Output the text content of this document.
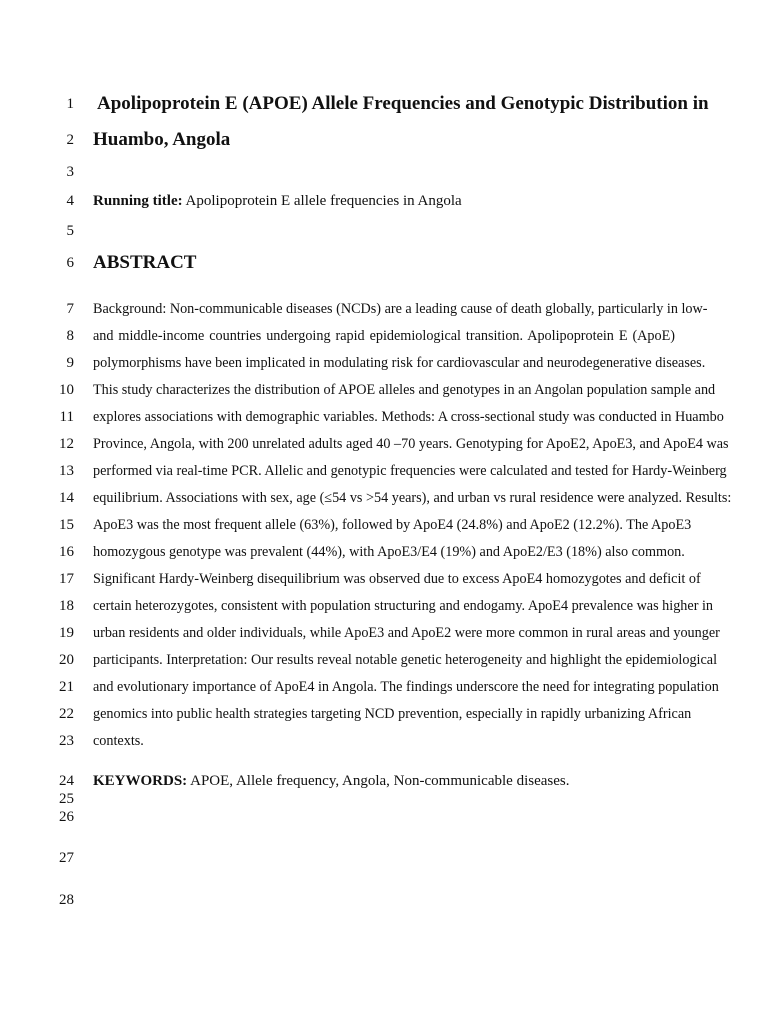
1
2
3
4
5
6
7
8
9
10
11
12
13
14
15
16
17
18
19
20
21
22
23
24
25
26
27
28
Apolipoprotein E (APOE) Allele Frequencies and Genotypic Distribution in
Huambo, Angola
Running title: Apolipoprotein E allele frequencies in Angola
ABSTRACT
Background: Non-communicable diseases (NCDs) are a leading cause of death globally, particularly in low-
and middle-income countries undergoing rapid epidemiological transition. Apolipoprotein E (ApoE)
polymorphisms have been implicated in modulating risk for cardiovascular and neurodegenerative diseases.
This study characterizes the distribution of APOE alleles and genotypes in an Angolan population sample and
explores associations with demographic variables. Methods: A cross-sectional study was conducted in Huambo
Province, Angola, with 200 unrelated adults aged 40 –70 years. Genotyping for ApoE2, ApoE3, and ApoE4 was
performed via real-time PCR. Allelic and genotypic frequencies were calculated and tested for Hardy-Weinberg
equilibrium. Associations with sex, age (≤54 vs >54 years), and urban vs rural residence were analyzed. Results:
ApoE3 was the most frequent allele (63%), followed by ApoE4 (24.8%) and ApoE2 (12.2%). The ApoE3
homozygous genotype was prevalent (44%), with ApoE3/E4 (19%) and ApoE2/E3 (18%) also common.
Significant Hardy-Weinberg disequilibrium was observed due to excess ApoE4 homozygotes and deficit of
certain heterozygotes, consistent with population structuring and endogamy. ApoE4 prevalence was higher in
urban residents and older individuals, while ApoE3 and ApoE2 were more common in rural areas and younger
participants. Interpretation: Our results reveal notable genetic heterogeneity and highlight the epidemiological
and evolutionary importance of ApoE4 in Angola. The findings underscore the need for integrating population
genomics into public health strategies targeting NCD prevention, especially in rapidly urbanizing African
contexts.
KEYWORDS: APOE, Allele frequency, Angola, Non-communicable diseases.
